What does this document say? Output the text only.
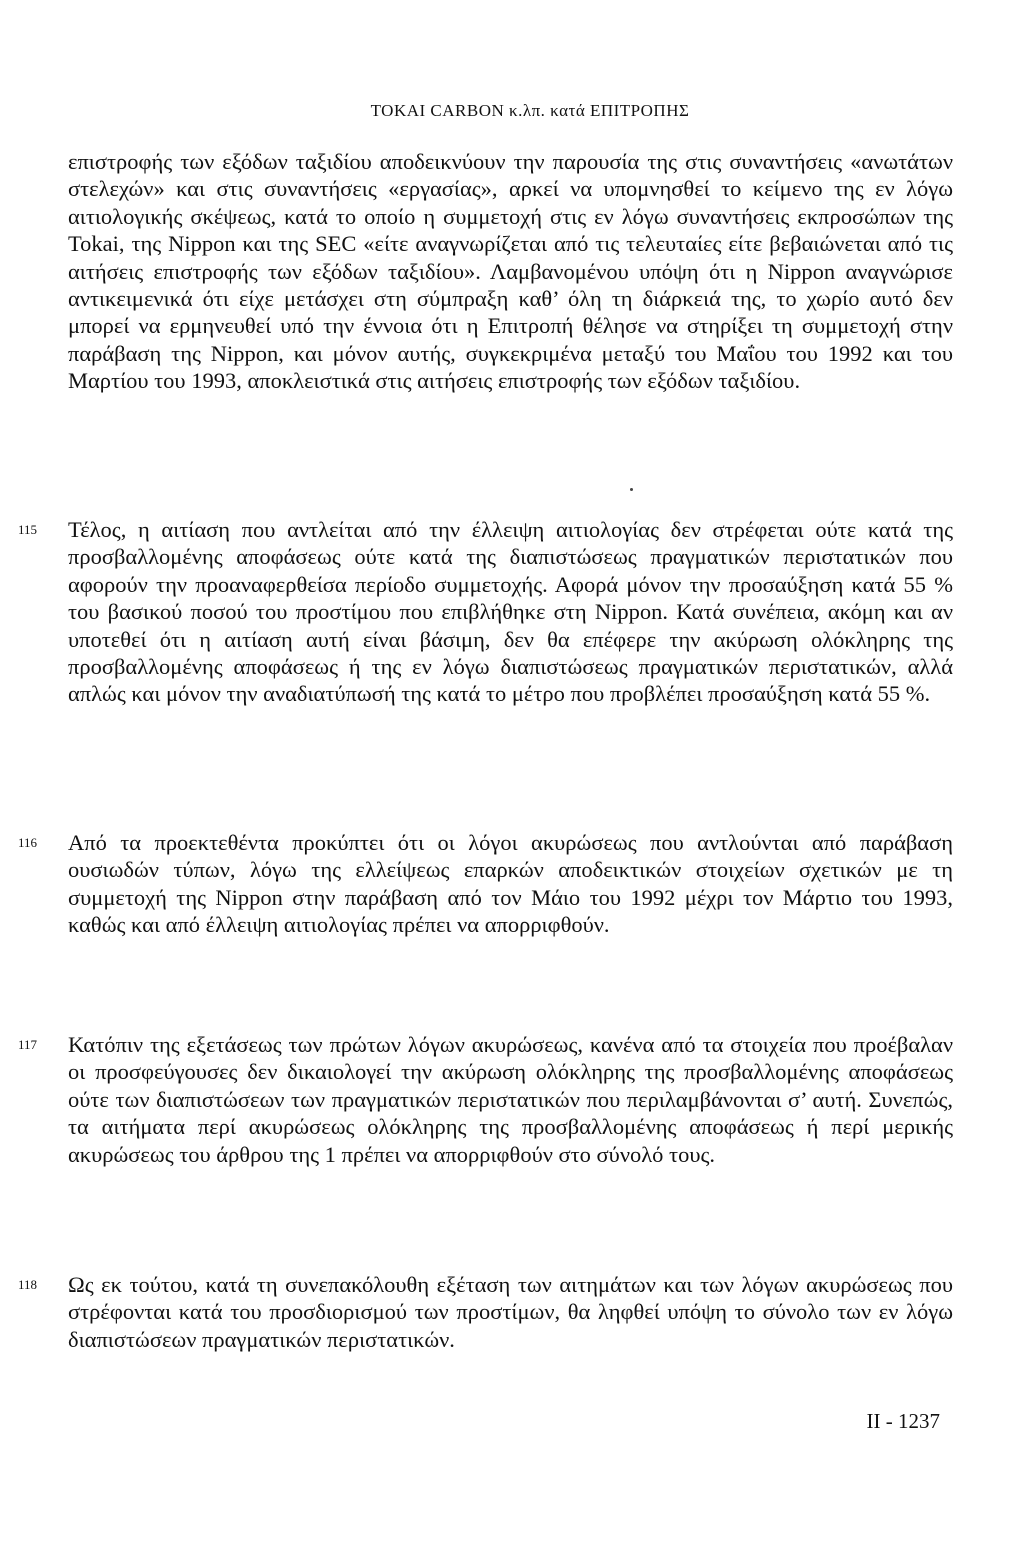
TOKAI CARBON κ.λπ. κατά ΕΠΙΤΡΟΠΗΣ
επιστροφής των εξόδων ταξιδίου αποδεικνύουν την παρουσία της στις συναντήσεις «ανωτάτων στελεχών» και στις συναντήσεις «εργασίας», αρκεί να υπομνησθεί το κείμενο της εν λόγω αιτιολογικής σκέψεως, κατά το οποίο η συμμετοχή στις εν λόγω συναντήσεις εκπροσώπων της Tokai, της Nippon και της SEC «είτε αναγνωρίζεται από τις τελευταίες είτε βεβαιώνεται από τις αιτήσεις επιστροφής των εξόδων ταξιδίου». Λαμβανομένου υπόψη ότι η Nippon αναγνώρισε αντικειμενικά ότι είχε μετάσχει στη σύμπραξη καθ’ όλη τη διάρκειά της, το χωρίο αυτό δεν μπορεί να ερμηνευθεί υπό την έννοια ότι η Επιτροπή θέλησε να στηρίξει τη συμμετοχή στην παράβαση της Nippon, και μόνον αυτής, συγκεκριμένα μεταξύ του Μαΐου του 1992 και του Μαρτίου του 1993, αποκλειστικά στις αιτήσεις επιστροφής των εξόδων ταξιδίου.
115 Τέλος, η αιτίαση που αντλείται από την έλλειψη αιτιολογίας δεν στρέφεται ούτε κατά της προσβαλλομένης αποφάσεως ούτε κατά της διαπιστώσεως πραγματικών περιστατικών που αφορούν την προαναφερθείσα περίοδο συμμετοχής. Αφορά μόνον την προσαύξηση κατά 55 % του βασικού ποσού του προστίμου που επιβλήθηκε στη Nippon. Κατά συνέπεια, ακόμη και αν υποτεθεί ότι η αιτίαση αυτή είναι βάσιμη, δεν θα επέφερε την ακύρωση ολόκληρης της προσβαλλομένης αποφάσεως ή της εν λόγω διαπιστώσεως πραγματικών περιστατικών, αλλά απλώς και μόνον την αναδιατύπωσή της κατά το μέτρο που προβλέπει προσαύξηση κατά 55 %.
116 Από τα προεκτεθέντα προκύπτει ότι οι λόγοι ακυρώσεως που αντλούνται από παράβαση ουσιωδών τύπων, λόγω της ελλείψεως επαρκών αποδεικτικών στοιχείων σχετικών με τη συμμετοχή της Nippon στην παράβαση από τον Μάιο του 1992 μέχρι τον Μάρτιο του 1993, καθώς και από έλλειψη αιτιολογίας πρέπει να απορριφθούν.
117 Κατόπιν της εξετάσεως των πρώτων λόγων ακυρώσεως, κανένα από τα στοιχεία που προέβαλαν οι προσφεύγουσες δεν δικαιολογεί την ακύρωση ολόκληρης της προσβαλλομένης αποφάσεως ούτε των διαπιστώσεων των πραγματικών περιστατικών που περιλαμβάνονται σ’ αυτή. Συνεπώς, τα αιτήματα περί ακυρώσεως ολόκληρης της προσβαλλομένης αποφάσεως ή περί μερικής ακυρώσεως του άρθρου της 1 πρέπει να απορριφθούν στο σύνολό τους.
118 Ως εκ τούτου, κατά τη συνεπακόλουθη εξέταση των αιτημάτων και των λόγων ακυρώσεως που στρέφονται κατά του προσδιορισμού των προστίμων, θα ληφθεί υπόψη το σύνολο των εν λόγω διαπιστώσεων πραγματικών περιστατικών.
II - 1237
